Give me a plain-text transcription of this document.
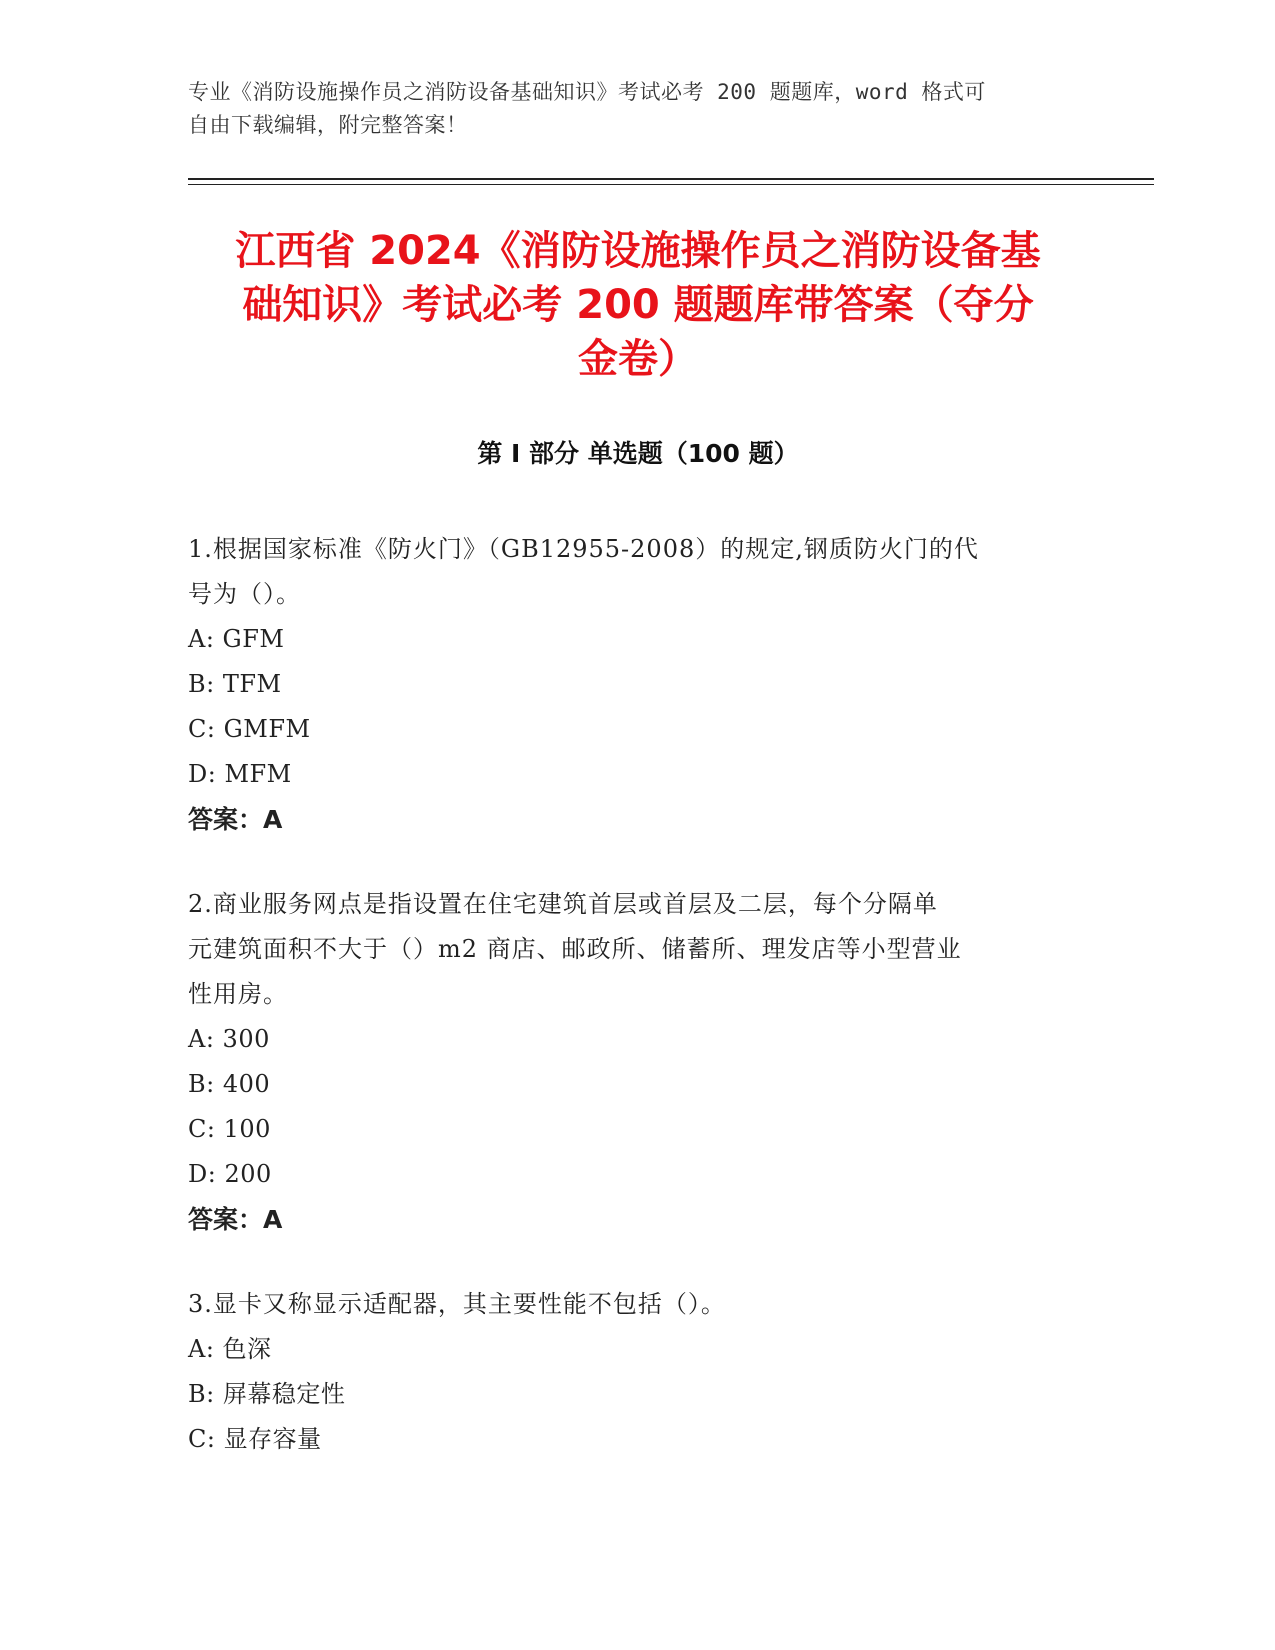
专业《消防设施操作员之消防设备基础知识》考试必考 200 题题库，word 格式可
自由下载编辑，附完整答案！
江西省 2024《消防设施操作员之消防设备基
础知识》考试必考 200 题题库带答案（夺分
金卷）
第 I 部分 单选题（100 题）
1.根据国家标准《防火门》（GB12955-2008）的规定,钢质防火门的代
号为（）。
A: GFM
B: TFM
C: GMFM
D: MFM
答案：A
2.商业服务网点是指设置在住宅建筑首层或首层及二层，每个分隔单
元建筑面积不大于（）m2 商店、邮政所、储蓄所、理发店等小型营业
性用房。
A: 300
B: 400
C: 100
D: 200
答案：A
3.显卡又称显示适配器，其主要性能不包括（）。
A: 色深
B: 屏幕稳定性
C: 显存容量
